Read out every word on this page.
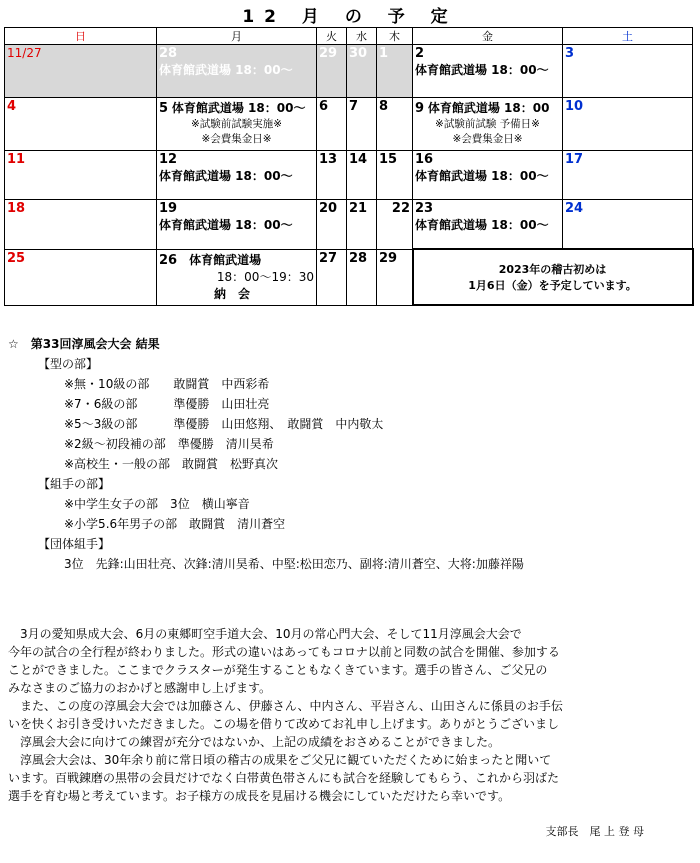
12 月 の 予 定
日	月	火	水	木	金	土
11/27	28
体育館武道場 18：00～	29	30	1	2
体育館武道場 18：00～	3
4	5 体育館武道場 18：00～
※試験前試験実施※
※会費集金日※	6	7	8	9 体育館武道場 18：00
※試験前試験 予備日※
※会費集金日※	10
11	12
体育館武道場 18：00～	13	14	15	16
体育館武道場 18：00～	17
18	19
体育館武道場 18：00～	20	21	22	23
体育館武道場 18：00～	24
25	26　 体育館武道場
18：00～19：30
納　会	27	28	29	2023年の稽古初めは
1月6日（金）を予定しています。	
☆　第33回淳風会大会 結果
【型の部】
※無・10級の部　　敢闘賞　中西彩希
※7・6級の部　　　準優勝　山田壮亮
※5～3級の部　　　準優勝　山田悠翔、　敢闘賞　中内敬太
※2級～初段補の部　準優勝　清川昊希
※高校生・一般の部　敢闘賞　松野真次
【組手の部】
※中学生女子の部　3位　横山寧音
※小学5.6年男子の部　敢闘賞　清川蒼空
【団体組手】
3位　先鋒:山田壮亮、次鋒:清川昊希、中堅:松田恋乃、副将:清川蒼空、大将:加藤祥陽
　3月の愛知県成大会、6月の東郷町空手道大会、10月の常心門大会、そして11月淳風会大会で
今年の試合の全行程が終わりました。形式の違いはあってもコロナ以前と同数の試合を開催、参加する
ことができました。ここまでクラスターが発生することもなくきています。選手の皆さん、ご父兄の
みなさまのご協力のおかげと感謝申し上げます。
　また、この度の淳風会大会では加藤さん、伊藤さん、中内さん、平岩さん、山田さんに係員のお手伝
いを快くお引き受けいただきました。この場を借りて改めてお礼申し上げます。ありがとうございまし
　淳風会大会に向けての練習が充分ではないか、上記の成績をおさめることができました。
　淳風会大会は、30年余り前に常日頃の稽古の成果をご父兄に観ていただくために始まったと聞いて
います。百戦錬磨の黒帯の会員だけでなく白帯黄色帯さんにも試合を経験してもらう、これから羽ばた
選手を育む場と考えています。お子様方の成長を見届ける機会にしていただけたら幸いです。
支部長　尾 上 登 母
